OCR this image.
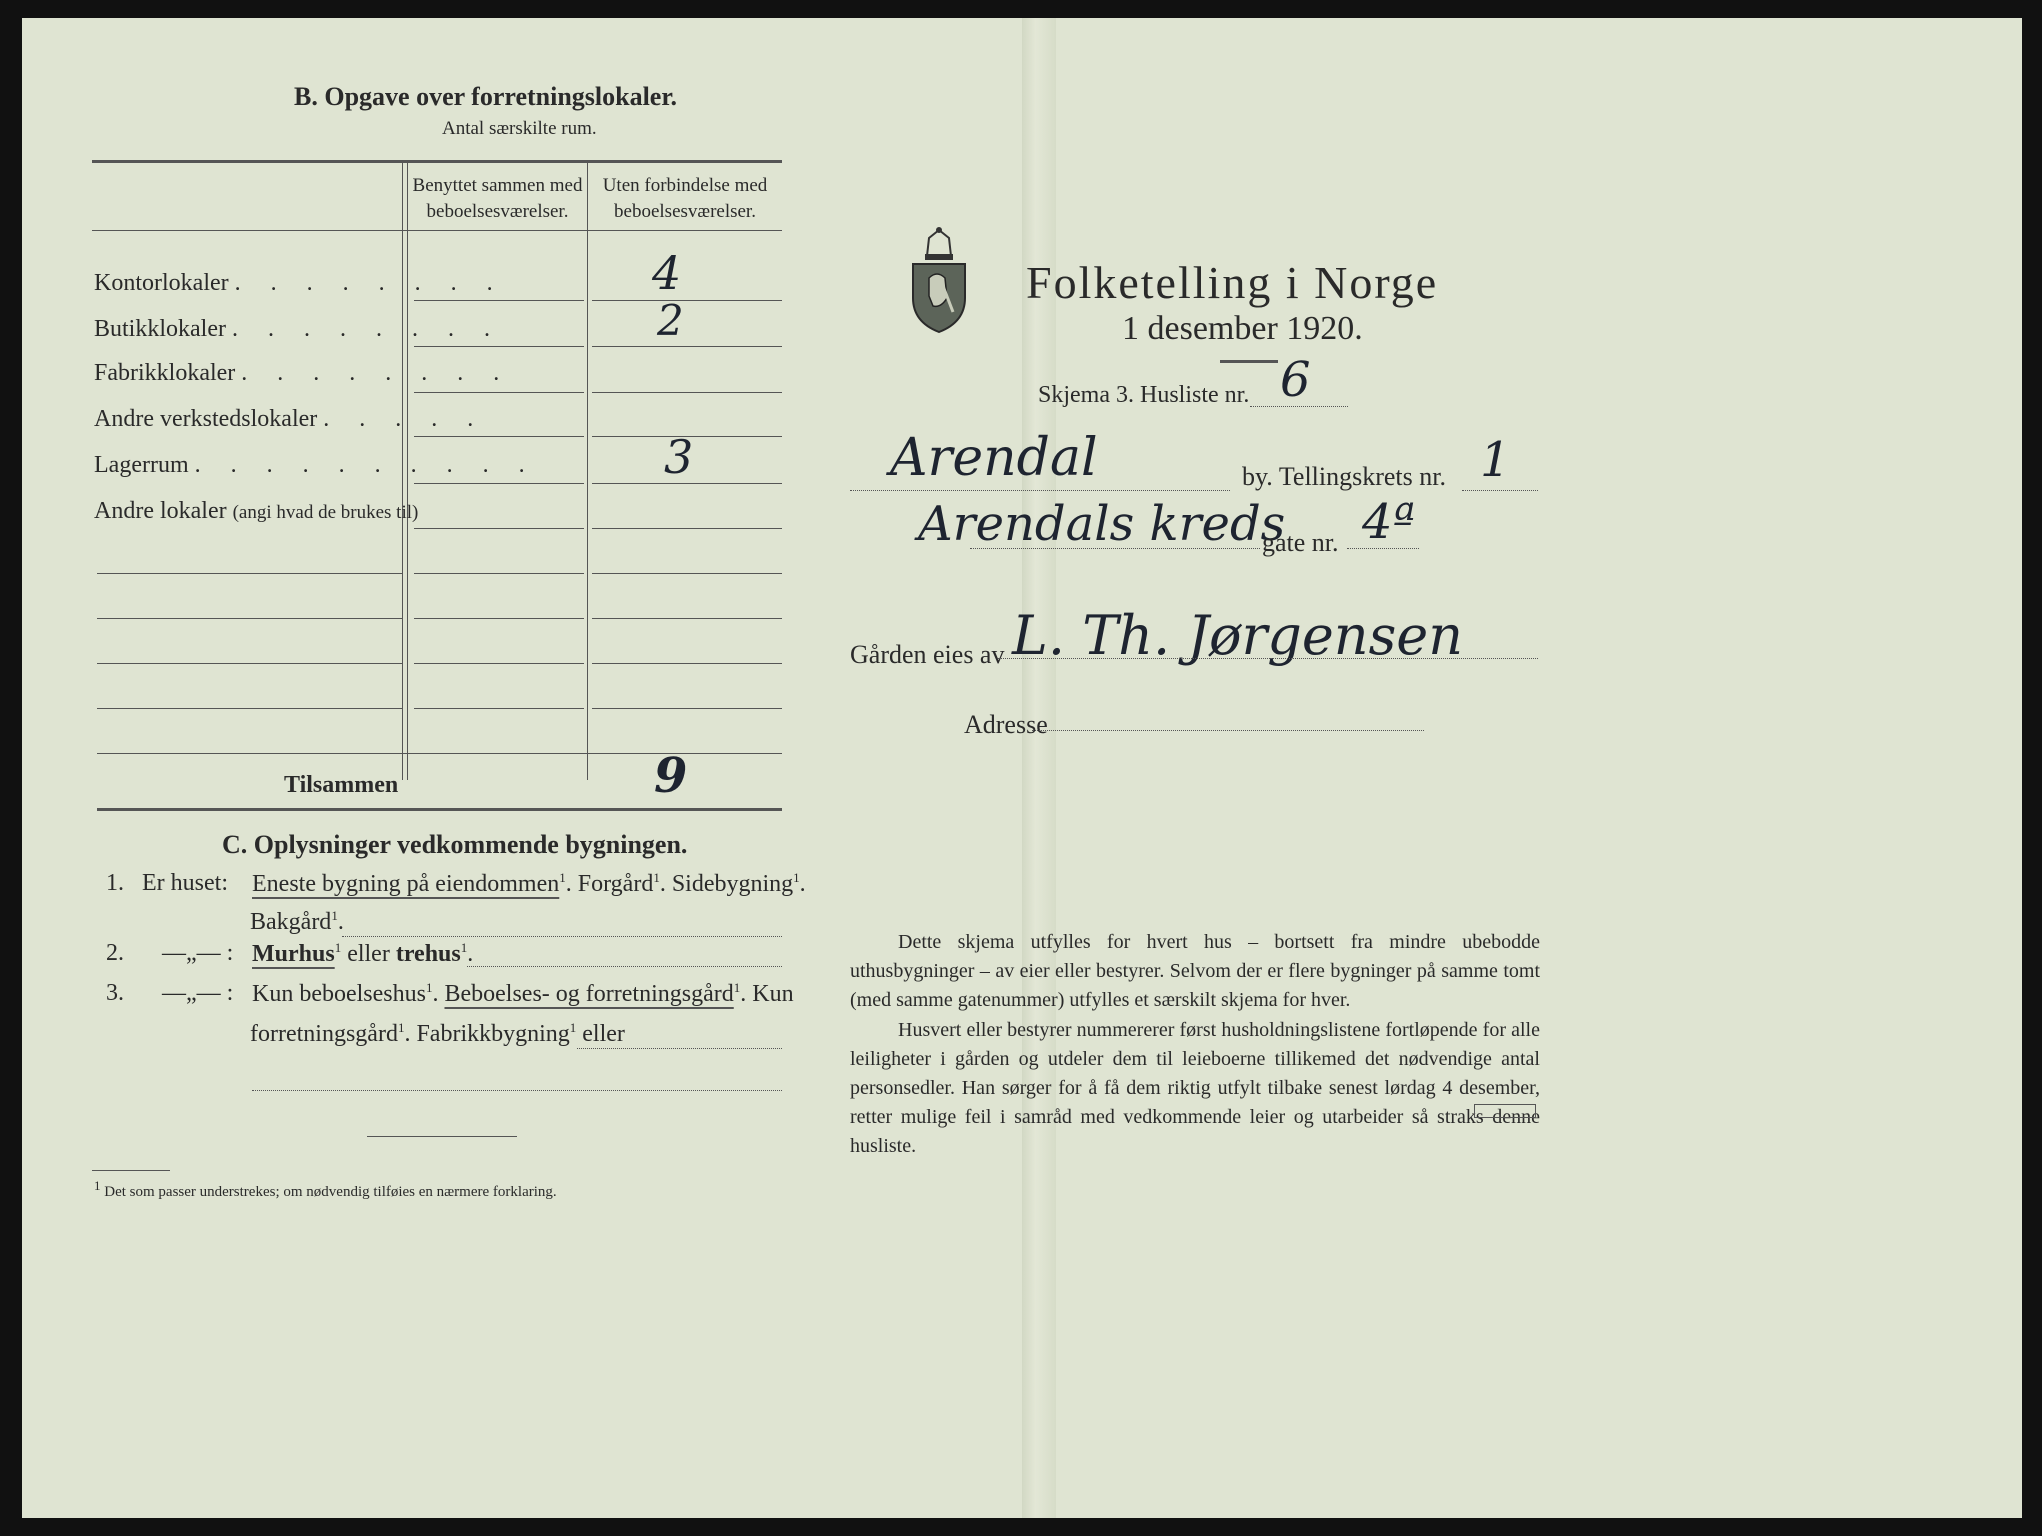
B. Opgave over forretningslokaler.
Antal særskilte rum.
Benyttet sammen med
beboelsesværelser.
Uten forbindelse med
beboelsesværelser.
Kontorlokaler . . . . . . . .	4
Butikklokaler . . . . . . . .	2
Fabrikklokaler . . . . . . . .
Andre verkstedslokaler . . . . .
Lagerrum . . . . . . . . . .	3
Andre lokaler (angi hvad de brukes til)
Tilsammen	9
C. Oplysninger vedkommende bygningen.
1. Er huset: Eneste bygning på eiendommen$^1$. Forgård$^1$. Sidebygning$^1$.
Bakgård$^1$.
2. —„— : Murhus$^1$ eller trehus$^1$.
3. —„— : Kun beboelseshus$^1$. Beboelses- og forretningsgård$^1$. Kun
forretningsgård$^1$. Fabrikkbygning$^1$ eller
$^1$ Det som passer understrekes; om nødvendig tilføies en nærmere forklaring.
Folketelling i Norge
1 desember 1920.
Skjema 3. Husliste nr. 6
Arendal	by. Tellingskrets nr. 1
Arendals kreds
gate nr. 4ª
Gården eies av L. Th. Jørgensen
Adresse
Dette skjema utfylles for hvert hus – bortsett fra mindre ubebodde uthusbygninger – av eier eller bestyrer. Selvom der er flere bygninger på samme tomt (med samme gatenummer) utfylles et særskilt skjema for hver.
Husvert eller bestyrer nummererer først husholdningslistene fortløpende for alle leiligheter i gården og utdeler dem til leieboerne tillikemed det nødvendige antal personsedler. Han sørger for å få dem riktig utfylt tilbake senest lørdag 4 desember, retter mulige feil i samråd med vedkommende leier og utarbeider så straks denne husliste.
